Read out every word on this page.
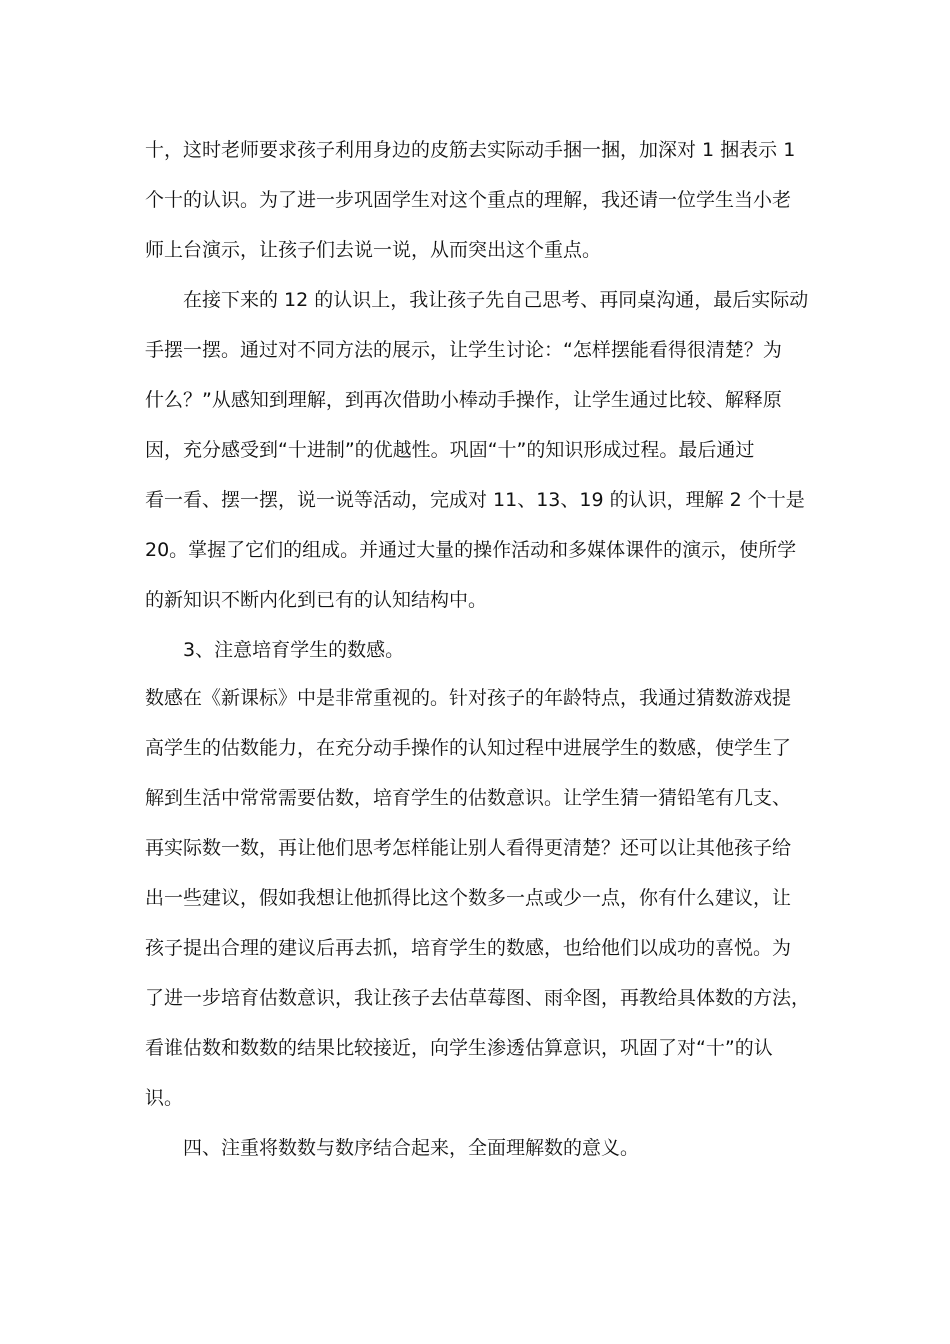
十，这时老师要求孩子利用身边的皮筋去实际动手捆一捆，加深对 1 捆表示 1
个十的认识。为了进一步巩固学生对这个重点的理解，我还请一位学生当小老
师上台演示，让孩子们去说一说，从而突出这个重点。
在接下来的 12 的认识上，我让孩子先自己思考、再同桌沟通，最后实际动
手摆一摆。通过对不同方法的展示，让学生讨论：“怎样摆能看得很清楚？为
什么？”从感知到理解，到再次借助小棒动手操作，让学生通过比较、解释原
因，充分感受到“十进制”的优越性。巩固“十”的知识形成过程。最后通过
看一看、摆一摆，说一说等活动，完成对 11、13、19 的认识，理解 2 个十是
20。掌握了它们的组成。并通过大量的操作活动和多媒体课件的演示，使所学
的新知识不断内化到已有的认知结构中。
3、注意培育学生的数感。
数感在《新课标》中是非常重视的。针对孩子的年龄特点，我通过猜数游戏提
高学生的估数能力，在充分动手操作的认知过程中进展学生的数感，使学生了
解到生活中常常需要估数，培育学生的估数意识。让学生猜一猜铅笔有几支、
再实际数一数，再让他们思考怎样能让别人看得更清楚？还可以让其他孩子给
出一些建议，假如我想让他抓得比这个数多一点或少一点，你有什么建议，让
孩子提出合理的建议后再去抓，培育学生的数感，也给他们以成功的喜悦。为
了进一步培育估数意识，我让孩子去估草莓图、雨伞图，再教给具体数的方法，
看谁估数和数数的结果比较接近，向学生渗透估算意识，巩固了对“十”的认
识。
四、注重将数数与数序结合起来，全面理解数的意义。
